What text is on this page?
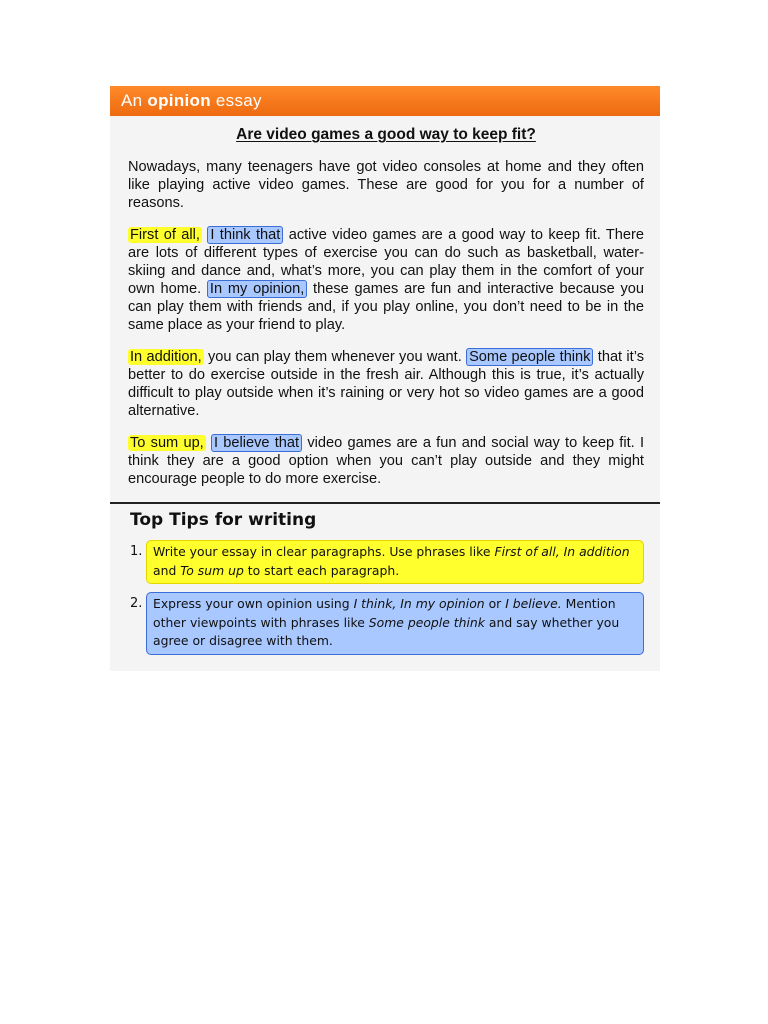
An opinion essay
Are video games a good way to keep fit?

Nowadays, many teenagers have got video consoles at home and they often like playing active video games. These are good for you for a number of reasons.

First of all, I think that active video games are a good way to keep fit. There are lots of different types of exercise you can do such as basketball, water-skiing and dance and, what’s more, you can play them in the comfort of your own home. In my opinion, these games are fun and interactive because you can play them with friends and, if you play online, you don’t need to be in the same place as your friend to play.

In addition, you can play them whenever you want. Some people think that it’s better to do exercise outside in the fresh air. Although this is true, it’s actually difficult to play outside when it’s raining or very hot so video games are a good alternative.

To sum up, I believe that video games are a fun and social way to keep fit. I think they are a good option when you can’t play outside and they might encourage people to do more exercise.

Top Tips for writing
1. Write your essay in clear paragraphs. Use phrases like First of all, In addition and To sum up to start each paragraph.
2. Express your own opinion using I think, In my opinion or I believe. Mention other viewpoints with phrases like Some people think and say whether you agree or disagree with them.
